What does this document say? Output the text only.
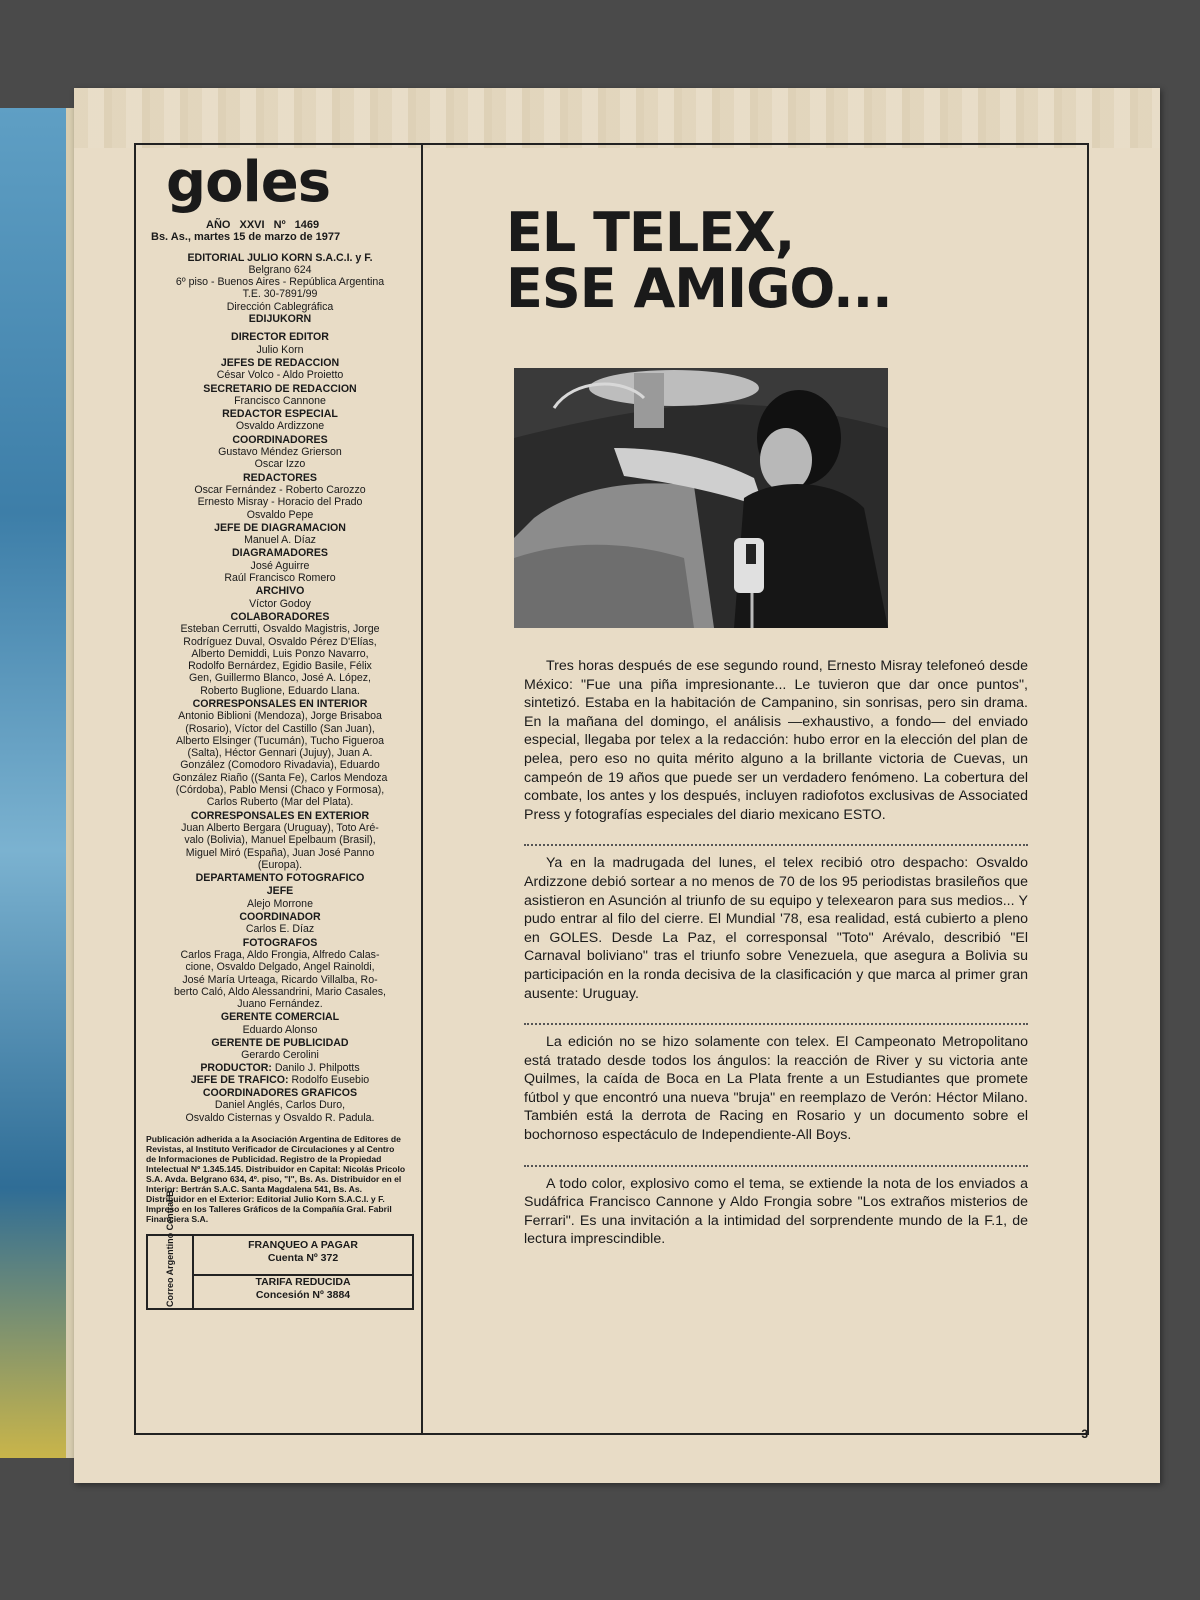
goles
AÑO XXVI Nº 1469
Bs. As., martes 15 de marzo de 1977
EDITORIAL JULIO KORN S.A.C.I. y F.
Belgrano 624
6º piso - Buenos Aires - República Argentina
T.E. 30-7891/99
Dirección Cablegráfica
EDIJUKORN
DIRECTOR EDITOR
Julio Korn
JEFES DE REDACCION
César Volco - Aldo Proietto
SECRETARIO DE REDACCION
Francisco Cannone
REDACTOR ESPECIAL
Osvaldo Ardizzone
COORDINADORES
Gustavo Méndez Grierson
Oscar Izzo
REDACTORES
Oscar Fernández - Roberto Carozzo
Ernesto Misray - Horacio del Prado
Osvaldo Pepe
JEFE DE DIAGRAMACION
Manuel A. Díaz
DIAGRAMADORES
José Aguirre
Raúl Francisco Romero
ARCHIVO
Víctor Godoy
COLABORADORES
Esteban Cerrutti, Osvaldo Magistris, Jorge
Rodríguez Duval, Osvaldo Pérez D'Elías,
Alberto Demiddi, Luis Ponzo Navarro,
Rodolfo Bernárdez, Egidio Basile, Félix
Gen, Guillermo Blanco, José A. López,
Roberto Buglione, Eduardo Llana.
CORRESPONSALES EN INTERIOR
Antonio Biblioni (Mendoza), Jorge Brisaboa
(Rosario), Víctor del Castillo (San Juan),
Alberto Elsinger (Tucumán), Tucho Figueroa
(Salta), Héctor Gennari (Jujuy), Juan A.
González (Comodoro Rivadavia), Eduardo
González Riaño ((Santa Fe), Carlos Mendoza
(Córdoba), Pablo Mensi (Chaco y Formosa),
Carlos Ruberto (Mar del Plata).
CORRESPONSALES EN EXTERIOR
Juan Alberto Bergara (Uruguay), Toto Aré-
valo (Bolivia), Manuel Epelbaum (Brasil),
Miguel Miró (España), Juan José Panno
(Europa).
DEPARTAMENTO FOTOGRAFICO
JEFE
Alejo Morrone
COORDINADOR
Carlos E. Díaz
FOTOGRAFOS
Carlos Fraga, Aldo Frongia, Alfredo Calas-
cione, Osvaldo Delgado, Angel Rainoldi,
José María Urteaga, Ricardo Villalba, Ro-
berto Caló, Aldo Alessandrini, Mario Casales,
Juano Fernández.
GERENTE COMERCIAL
Eduardo Alonso
GERENTE DE PUBLICIDAD
Gerardo Cerolini
PRODUCTOR: Danilo J. Philpotts
JEFE DE TRAFICO: Rodolfo Eusebio
COORDINADORES GRAFICOS
Daniel Anglés, Carlos Duro,
Osvaldo Cisternas y Osvaldo R. Padula.
Publicación adherida a la Asociación Argentina de Editores de Revistas, al Instituto Verificador de Circulaciones y al Centro de Informaciones de Publicidad. Registro de la Propiedad Intelectual Nº 1.345.145. Distribuidor en Capital: Nicolás Pricolo S.A. Avda. Belgrano 634, 4º. piso, "I", Bs. As. Distribuidor en el Interior: Bertrán S.A.C. Santa Magdalena 541, Bs. As. Distribuidor en el Exterior: Editorial Julio Korn S.A.C.I. y F. Impreso en los Talleres Gráficos de la Compañía Gral. Fabril Financiera S.A.
Correo Argentino Central B	FRANQUEO A PAGAR
Cuenta Nº 372
TARIFA REDUCIDA
Concesión Nº 3884
EL TELEX,
ESE AMIGO...

Tres horas después de ese segundo round, Ernesto Misray telefoneó desde México: "Fue una piña impresionante... Le tuvieron que dar once puntos", sintetizó. Estaba en la habitación de Campanino, sin sonrisas, pero sin drama. En la mañana del domingo, el análisis —exhaustivo, a fondo— del enviado especial, llegaba por telex a la redacción: hubo error en la elección del plan de pelea, pero eso no quita mérito alguno a la brillante victoria de Cuevas, un campeón de 19 años que puede ser un verdadero fenómeno. La cobertura del combate, los antes y los después, incluyen radiofotos exclusivas de Associated Press y fotografías especiales del diario mexicano ESTO.

Ya en la madrugada del lunes, el telex recibió otro despacho: Osvaldo Ardizzone debió sortear a no menos de 70 de los 95 periodistas brasileños que asistieron en Asunción al triunfo de su equipo y telexearon para sus medios... Y pudo entrar al filo del cierre. El Mundial '78, esa realidad, está cubierto a pleno en GOLES. Desde La Paz, el corresponsal "Toto" Arévalo, describió "El Carnaval boliviano" tras el triunfo sobre Venezuela, que asegura a Bolivia su participación en la ronda decisiva de la clasificación y que marca al primer gran ausente: Uruguay.

La edición no se hizo solamente con telex. El Campeonato Metropolitano está tratado desde todos los ángulos: la reacción de River y su victoria ante Quilmes, la caída de Boca en La Plata frente a un Estudiantes que promete fútbol y que encontró una nueva "bruja" en reemplazo de Verón: Héctor Milano. También está la derrota de Racing en Rosario y un documento sobre el bochornoso espectáculo de Independiente-All Boys.

A todo color, explosivo como el tema, se extiende la nota de los enviados a Sudáfrica Francisco Cannone y Aldo Frongia sobre "Los extraños misterios de Ferrari". Es una invitación a la intimidad del sorprendente mundo de la F.1, de lectura imprescindible.

3
